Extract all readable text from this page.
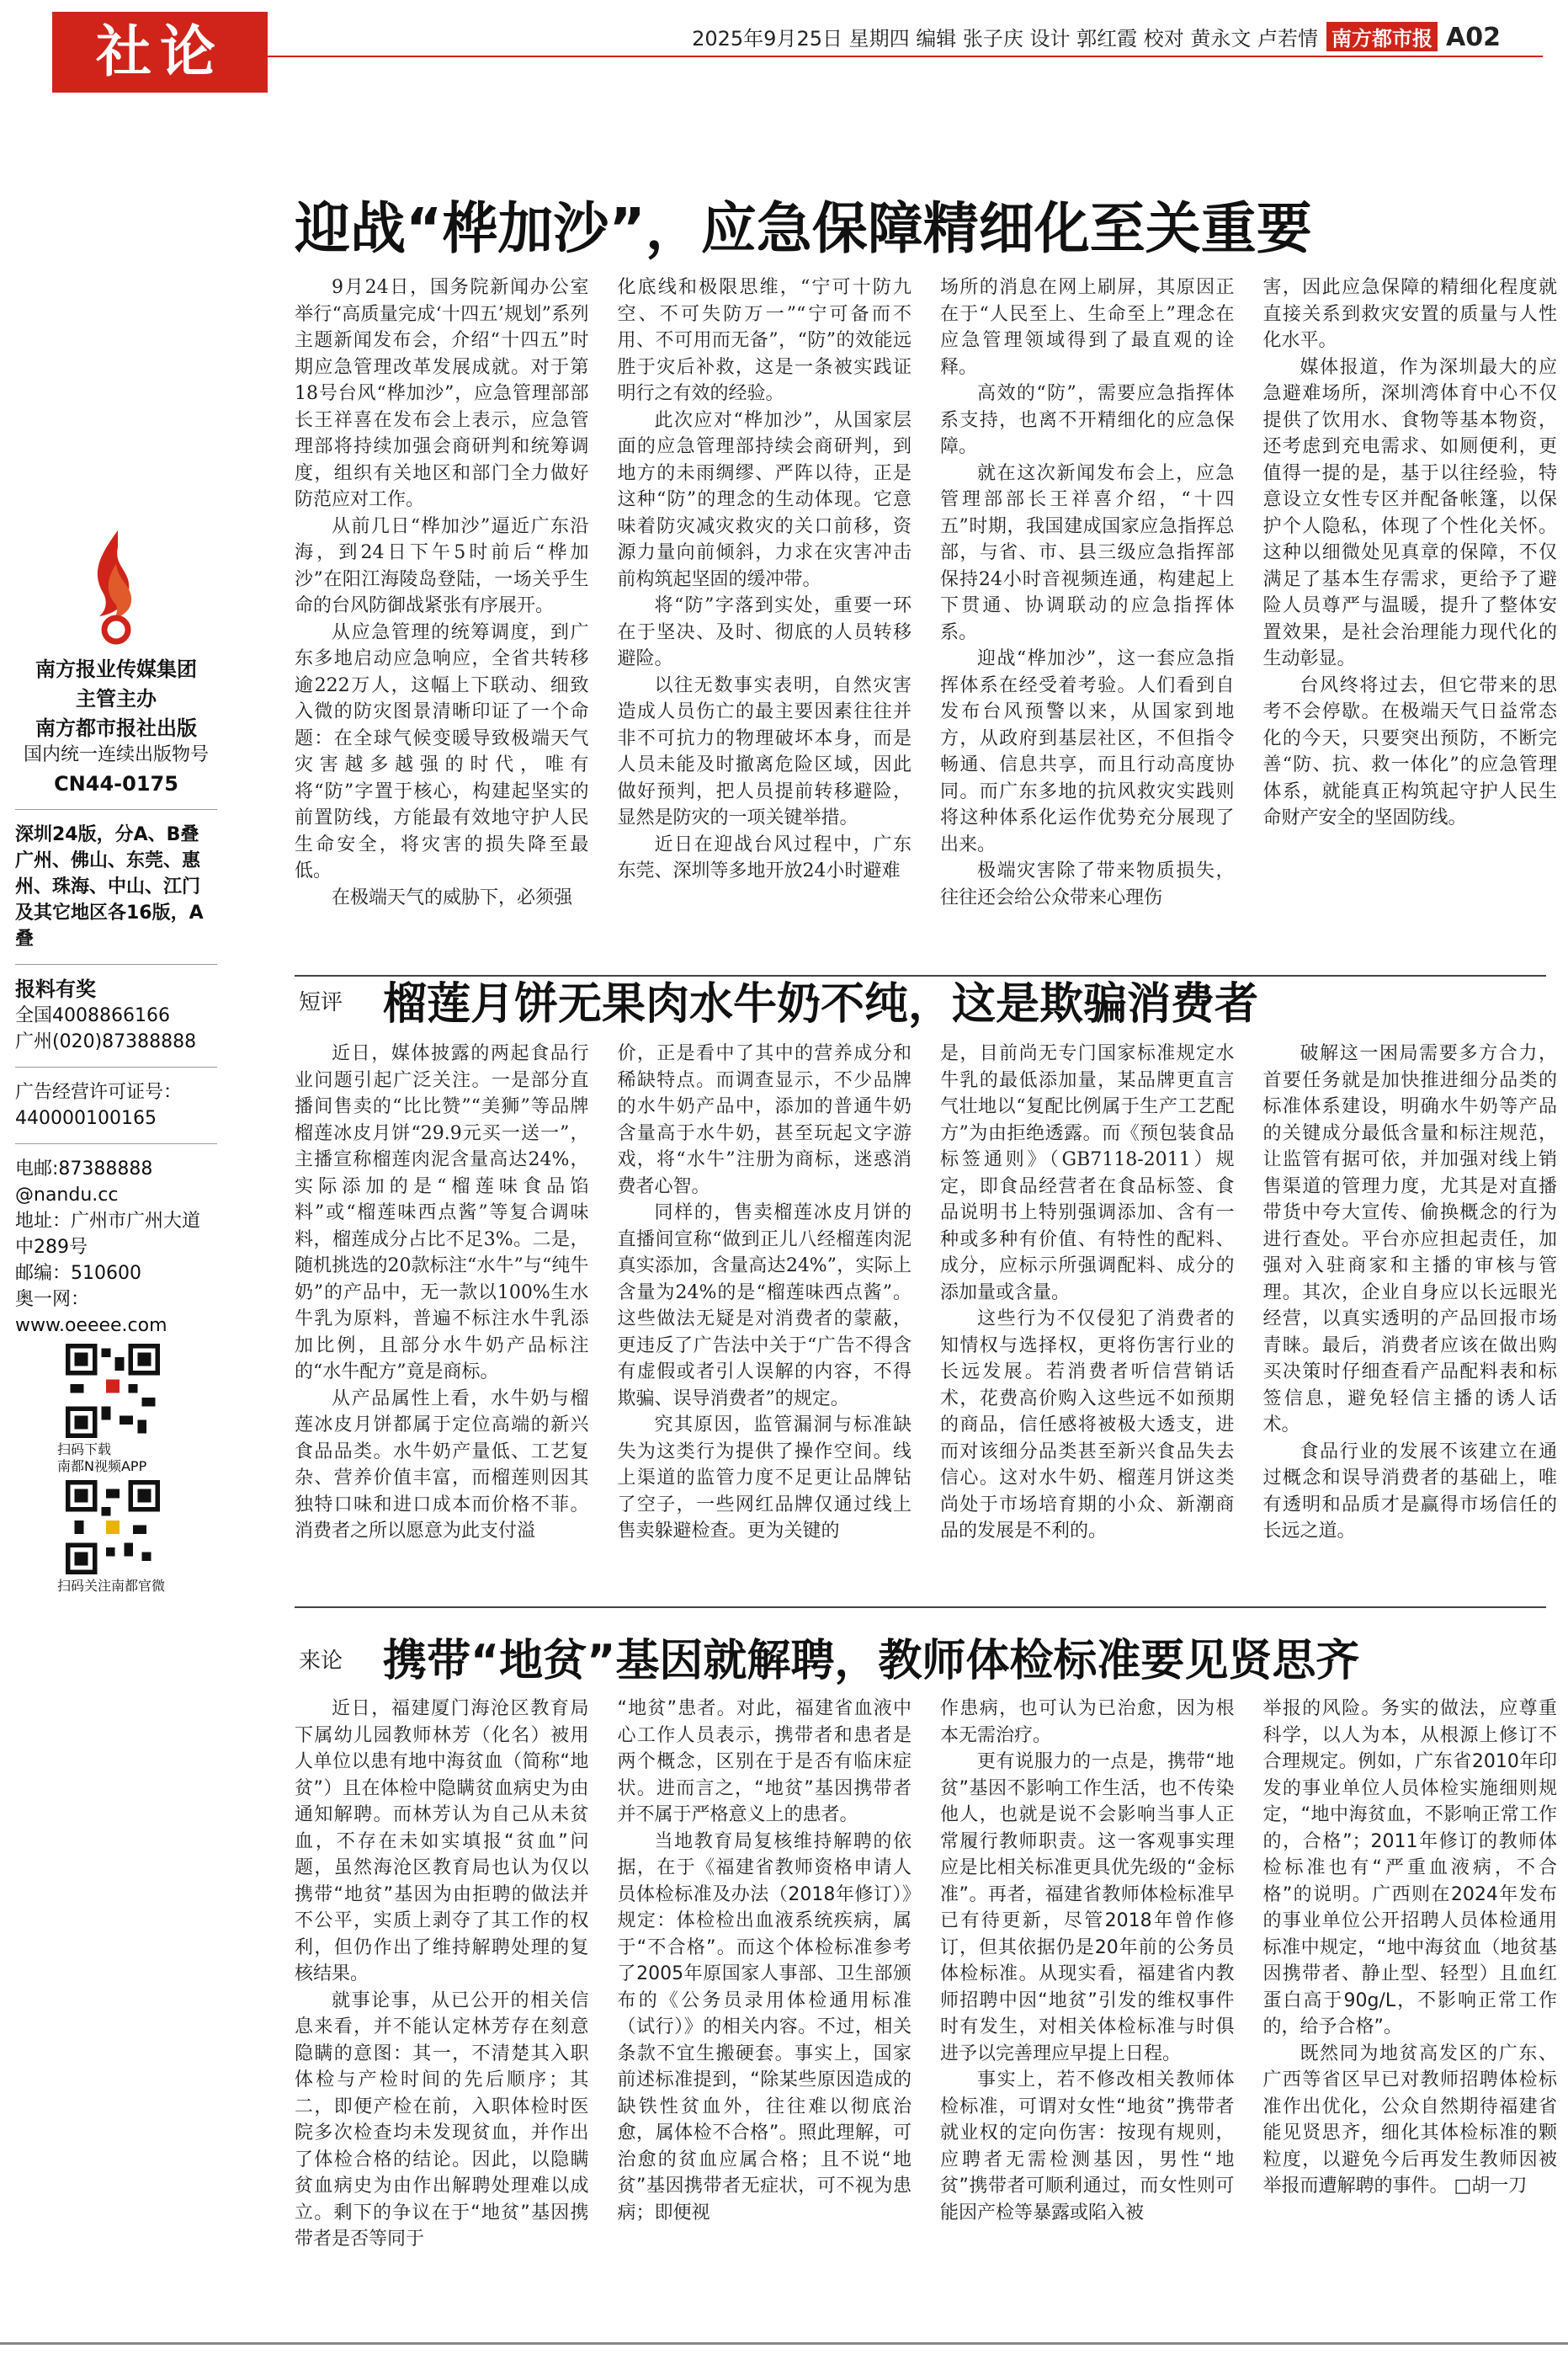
社论	2025年9月25日 星期四 编辑 张子庆 设计 郭红霞 校对 黄永文 卢若情 南方都市报 A02
南方报业传媒集团
主管主办
南方都市报社出版
国内统一连续出版物号
CN44-0175
深圳24版，分A、B叠 广州、佛山、东莞、惠州、珠海、中山、江门及其它地区各16版，A叠
报料有奖
全国4008866166
广州(020)87388888
广告经营许可证号：
440000100165
电邮:87388888
@nandu.cc
地址：广州市广州大道中289号
邮编：510600
奥一网：
www.oeeee.com
扫码下载
南都N视频APP
扫码关注南都官微
迎战“桦加沙”，应急保障精细化至关重要

9月24日，国务院新闻办公室举行“高质量完成‘十四五’规划”系列主题新闻发布会，介绍“十四五”时期应急管理改革发展成就。对于第18号台风“桦加沙”，应急管理部部长王祥喜在发布会上表示，应急管理部将持续加强会商研判和统筹调度，组织有关地区和部门全力做好防范应对工作。

从前几日“桦加沙”逼近广东沿海，到24日下午5时前后“桦加沙”在阳江海陵岛登陆，一场关乎生命的台风防御战紧张有序展开。

从应急管理的统筹调度，到广东多地启动应急响应，全省共转移逾222万人，这幅上下联动、细致入微的防灾图景清晰印证了一个命题：在全球气候变暖导致极端天气灾害越多越强的时代，唯有将“防”字置于核心，构建起坚实的前置防线，方能最有效地守护人民生命安全，将灾害的损失降至最低。

在极端天气的威胁下，必须强

化底线和极限思维，“宁可十防九空、不可失防万一”“宁可备而不用、不可用而无备”，“防”的效能远胜于灾后补救，这是一条被实践证明行之有效的经验。

此次应对“桦加沙”，从国家层面的应急管理部持续会商研判，到地方的未雨绸缪、严阵以待，正是这种“防”的理念的生动体现。它意味着防灾减灾救灾的关口前移，资源力量向前倾斜，力求在灾害冲击前构筑起坚固的缓冲带。

将“防”字落到实处，重要一环在于坚决、及时、彻底的人员转移避险。

以往无数事实表明，自然灾害造成人员伤亡的最主要因素往往并非不可抗力的物理破坏本身，而是人员未能及时撤离危险区域，因此做好预判，把人员提前转移避险，显然是防灾的一项关键举措。

近日在迎战台风过程中，广东东莞、深圳等多地开放24小时避难

场所的消息在网上刷屏，其原因正在于“人民至上、生命至上”理念在应急管理领域得到了最直观的诠释。

高效的“防”，需要应急指挥体系支持，也离不开精细化的应急保障。

就在这次新闻发布会上，应急管理部部长王祥喜介绍，“十四五”时期，我国建成国家应急指挥总部，与省、市、县三级应急指挥部保持24小时音视频连通，构建起上下贯通、协调联动的应急指挥体系。

迎战“桦加沙”，这一套应急指挥体系在经受着考验。人们看到自发布台风预警以来，从国家到地方，从政府到基层社区，不但指令畅通、信息共享，而且行动高度协同。而广东多地的抗风救灾实践则将这种体系化运作优势充分展现了出来。

极端灾害除了带来物质损失，往往还会给公众带来心理伤

害，因此应急保障的精细化程度就直接关系到救灾安置的质量与人性化水平。

媒体报道，作为深圳最大的应急避难场所，深圳湾体育中心不仅提供了饮用水、食物等基本物资，还考虑到充电需求、如厕便利，更值得一提的是，基于以往经验，特意设立女性专区并配备帐篷，以保护个人隐私，体现了个性化关怀。这种以细微处见真章的保障，不仅满足了基本生存需求，更给予了避险人员尊严与温暖，提升了整体安置效果，是社会治理能力现代化的生动彰显。

台风终将过去，但它带来的思考不会停歇。在极端天气日益常态化的今天，只要突出预防，不断完善“防、抗、救一体化”的应急管理体系，就能真正构筑起守护人民生命财产安全的坚固防线。

短评 榴莲月饼无果肉水牛奶不纯，这是欺骗消费者

近日，媒体披露的两起食品行业问题引起广泛关注。一是部分直播间售卖的“比比赞”“美狮”等品牌榴莲冰皮月饼“29.9元买一送一”，主播宣称榴莲肉泥含量高达24%，实际添加的是“榴莲味食品馅料”或“榴莲味西点酱”等复合调味料，榴莲成分占比不足3%。二是，随机挑选的20款标注“水牛”与“纯牛奶”的产品中，无一款以100%生水牛乳为原料，普遍不标注水牛乳添加比例，且部分水牛奶产品标注的“水牛配方”竟是商标。

从产品属性上看，水牛奶与榴莲冰皮月饼都属于定位高端的新兴食品品类。水牛奶产量低、工艺复杂、营养价值丰富，而榴莲则因其独特口味和进口成本而价格不菲。消费者之所以愿意为此支付溢

价，正是看中了其中的营养成分和稀缺特点。而调查显示，不少品牌的水牛奶产品中，添加的普通牛奶含量高于水牛奶，甚至玩起文字游戏，将“水牛”注册为商标，迷惑消费者心智。

同样的，售卖榴莲冰皮月饼的直播间宣称“做到正儿八经榴莲肉泥真实添加，含量高达24%”，实际上含量为24%的是“榴莲味西点酱”。这些做法无疑是对消费者的蒙蔽，更违反了广告法中关于“广告不得含有虚假或者引人误解的内容，不得欺骗、误导消费者”的规定。

究其原因，监管漏洞与标准缺失为这类行为提供了操作空间。线上渠道的监管力度不足更让品牌钻了空子，一些网红品牌仅通过线上售卖躲避检查。更为关键的

是，目前尚无专门国家标准规定水牛乳的最低添加量，某品牌更直言气壮地以“复配比例属于生产工艺配方”为由拒绝透露。而《预包装食品标签通则》（GB7118-2011）规定，即食品经营者在食品标签、食品说明书上特别强调添加、含有一种或多种有价值、有特性的配料、成分，应标示所强调配料、成分的添加量或含量。

这些行为不仅侵犯了消费者的知情权与选择权，更将伤害行业的长远发展。若消费者听信营销话术，花费高价购入这些远不如预期的商品，信任感将被极大透支，进而对该细分品类甚至新兴食品失去信心。这对水牛奶、榴莲月饼这类尚处于市场培育期的小众、新潮商品的发展是不利的。

破解这一困局需要多方合力，首要任务就是加快推进细分品类的标准体系建设，明确水牛奶等产品的关键成分最低含量和标注规范，让监管有据可依，并加强对线上销售渠道的管理力度，尤其是对直播带货中夸大宣传、偷换概念的行为进行查处。平台亦应担起责任，加强对入驻商家和主播的审核与管理。其次，企业自身应以长远眼光经营，以真实透明的产品回报市场青睐。最后，消费者应该在做出购买决策时仔细查看产品配料表和标签信息，避免轻信主播的诱人话术。

食品行业的发展不该建立在通过概念和误导消费者的基础上，唯有透明和品质才是赢得市场信任的长远之道。

来论 携带“地贫”基因就解聘，教师体检标准要见贤思齐

近日，福建厦门海沧区教育局下属幼儿园教师林芳（化名）被用人单位以患有地中海贫血（简称“地贫”）且在体检中隐瞒贫血病史为由通知解聘。而林芳认为自己从未贫血，不存在未如实填报“贫血”问题，虽然海沧区教育局也认为仅以携带“地贫”基因为由拒聘的做法并不公平，实质上剥夺了其工作的权利，但仍作出了维持解聘处理的复核结果。

就事论事，从已公开的相关信息来看，并不能认定林芳存在刻意隐瞒的意图：其一，不清楚其入职体检与产检时间的先后顺序；其二，即便产检在前，入职体检时医院多次检查均未发现贫血，并作出了体检合格的结论。因此，以隐瞒贫血病史为由作出解聘处理难以成立。剩下的争议在于“地贫”基因携带者是否等同于

“地贫”患者。对此，福建省血液中心工作人员表示，携带者和患者是两个概念，区别在于是否有临床症状。进而言之，“地贫”基因携带者并不属于严格意义上的患者。

当地教育局复核维持解聘的依据，在于《福建省教师资格申请人员体检标准及办法（2018年修订）》规定：体检检出血液系统疾病，属于“不合格”。而这个体检标准参考了2005年原国家人事部、卫生部颁布的《公务员录用体检通用标准（试行）》的相关内容。不过，相关条款不宜生搬硬套。事实上，国家前述标准提到，“除某些原因造成的缺铁性贫血外，往往难以彻底治愈，属体检不合格”。照此理解，可治愈的贫血应属合格；且不说“地贫”基因携带者无症状，可不视为患病；即便视

作患病，也可认为已治愈，因为根本无需治疗。

更有说服力的一点是，携带“地贫”基因不影响工作生活，也不传染他人，也就是说不会影响当事人正常履行教师职责。这一客观事实理应是比相关标准更具优先级的“金标准”。再者，福建省教师体检标准早已有待更新，尽管2018年曾作修订，但其依据仍是20年前的公务员体检标准。从现实看，福建省内教师招聘中因“地贫”引发的维权事件时有发生，对相关体检标准与时俱进予以完善理应早提上日程。

事实上，若不修改相关教师体检标准，可谓对女性“地贫”携带者就业权的定向伤害：按现有规则，应聘者无需检测基因，男性“地贫”携带者可顺利通过，而女性则可能因产检等暴露或陷入被

举报的风险。务实的做法，应尊重科学，以人为本，从根源上修订不合理规定。例如，广东省2010年印发的事业单位人员体检实施细则规定，“地中海贫血，不影响正常工作的，合格”；2011年修订的教师体检标准也有“严重血液病，不合格”的说明。广西则在2024年发布的事业单位公开招聘人员体检通用标准中规定，“地中海贫血（地贫基因携带者、静止型、轻型）且血红蛋白高于90g/L，不影响正常工作的，给予合格”。

既然同为地贫高发区的广东、广西等省区早已对教师招聘体检标准作出优化，公众自然期待福建省能见贤思齐，细化其体检标准的颗粒度，以避免今后再发生教师因被举报而遭解聘的事件。 □胡一刀
